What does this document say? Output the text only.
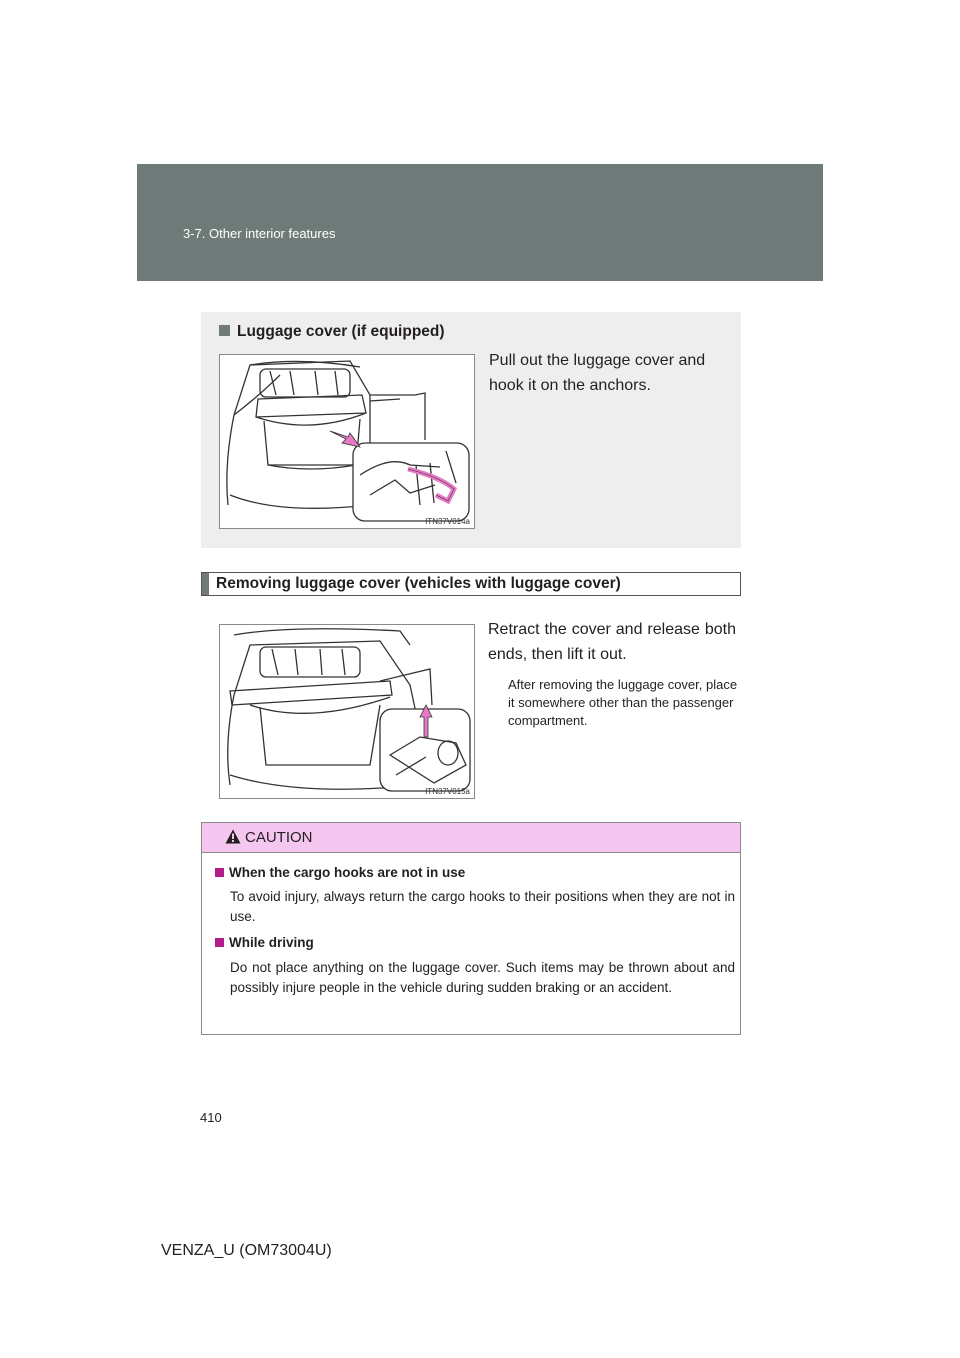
3-7. Other interior features
Luggage cover (if equipped)
Pull out the luggage cover and hook it on the anchors.
ITN37V014a
Removing luggage cover (vehicles with luggage cover)
ITN37V015a
Retract the cover and release both ends, then lift it out.
After removing the luggage cover, place it somewhere other than the passenger compartment.
CAUTION
When the cargo hooks are not in use
To avoid injury, always return the cargo hooks to their positions when they are not in use.
While driving
Do not place anything on the luggage cover. Such items may be thrown about and possibly injure people in the vehicle during sudden braking or an accident.
410
VENZA_U (OM73004U)
